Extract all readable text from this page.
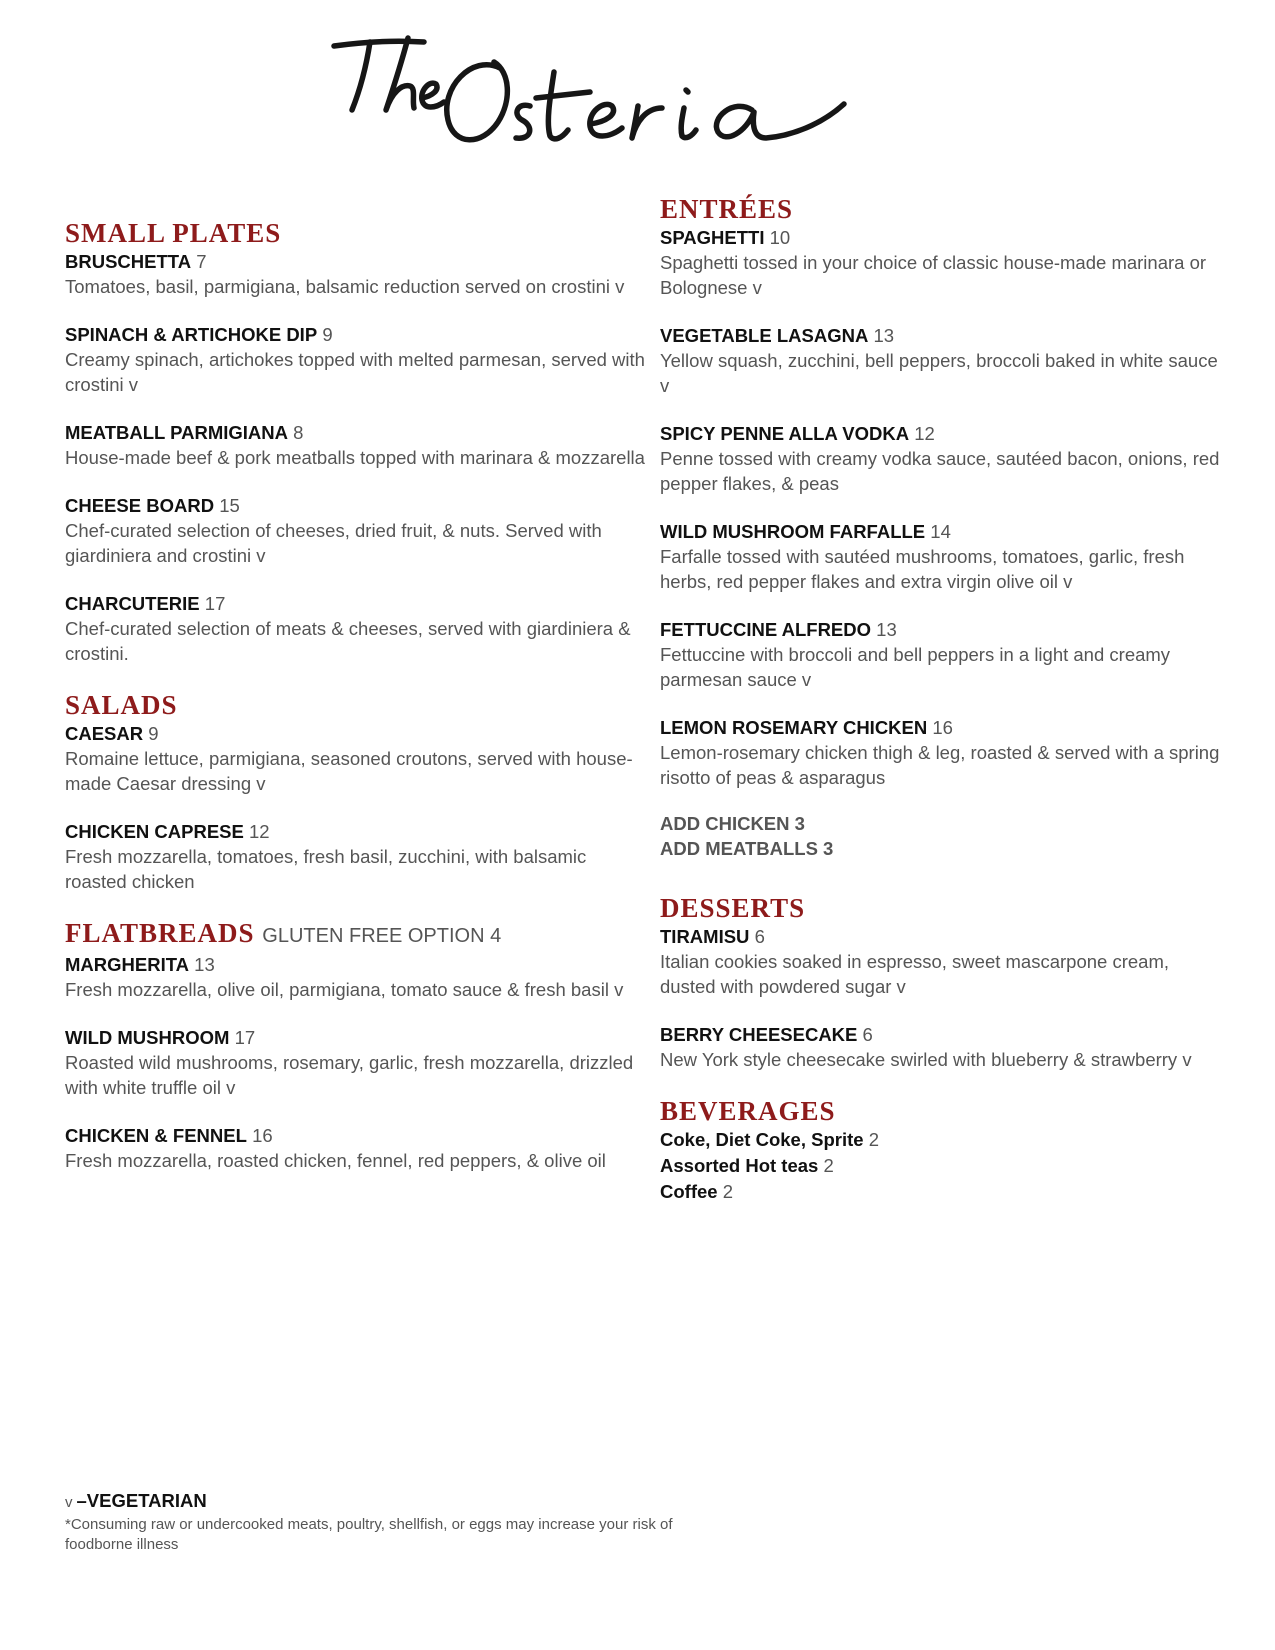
SMALL PLATES
BRUSCHETTA 7
Tomatoes, basil, parmigiana, balsamic reduction served on crostini v
SPINACH & ARTICHOKE DIP 9
Creamy spinach, artichokes topped with melted parmesan, served with crostini v
MEATBALL PARMIGIANA 8
House-made beef & pork meatballs topped with marinara & mozzarella
CHEESE BOARD 15
Chef-curated selection of cheeses, dried fruit, & nuts. Served with giardiniera and crostini v
CHARCUTERIE 17
Chef-curated selection of meats & cheeses, served with giardiniera & crostini.
SALADS
CAESAR 9
Romaine lettuce, parmigiana, seasoned croutons, served with house-made Caesar dressing v
CHICKEN CAPRESE 12
Fresh mozzarella, tomatoes, fresh basil, zucchini, with balsamic roasted chicken
FLATBREADS GLUTEN FREE OPTION 4
MARGHERITA 13
Fresh mozzarella, olive oil, parmigiana, tomato sauce & fresh basil v
WILD MUSHROOM 17
Roasted wild mushrooms, rosemary, garlic, fresh mozzarella, drizzled with white truffle oil v
CHICKEN & FENNEL 16
Fresh mozzarella, roasted chicken, fennel, red peppers, & olive oil
ENTRÉES
SPAGHETTI 10
Spaghetti tossed in your choice of classic house-made marinara or Bolognese v
VEGETABLE LASAGNA 13
Yellow squash, zucchini, bell peppers, broccoli baked in white sauce v
SPICY PENNE ALLA VODKA 12
Penne tossed with creamy vodka sauce, sautéed bacon, onions, red pepper flakes, & peas
WILD MUSHROOM FARFALLE 14
Farfalle tossed with sautéed mushrooms, tomatoes, garlic, fresh herbs, red pepper flakes and extra virgin olive oil v
FETTUCCINE ALFREDO 13
Fettuccine with broccoli and bell peppers in a light and creamy parmesan sauce v
LEMON ROSEMARY CHICKEN 16
Lemon-rosemary chicken thigh & leg, roasted & served with a spring risotto of peas & asparagus
ADD CHICKEN 3
ADD MEATBALLS 3
DESSERTS
TIRAMISU 6
Italian cookies soaked in espresso, sweet mascarpone cream, dusted with powdered sugar v
BERRY CHEESECAKE 6
New York style cheesecake swirled with blueberry & strawberry v
BEVERAGES
Coke, Diet Coke, Sprite 2
Assorted Hot teas 2
Coffee 2
v –VEGETARIAN
*Consuming raw or undercooked meats, poultry, shellfish, or eggs may increase your risk of foodborne illness
